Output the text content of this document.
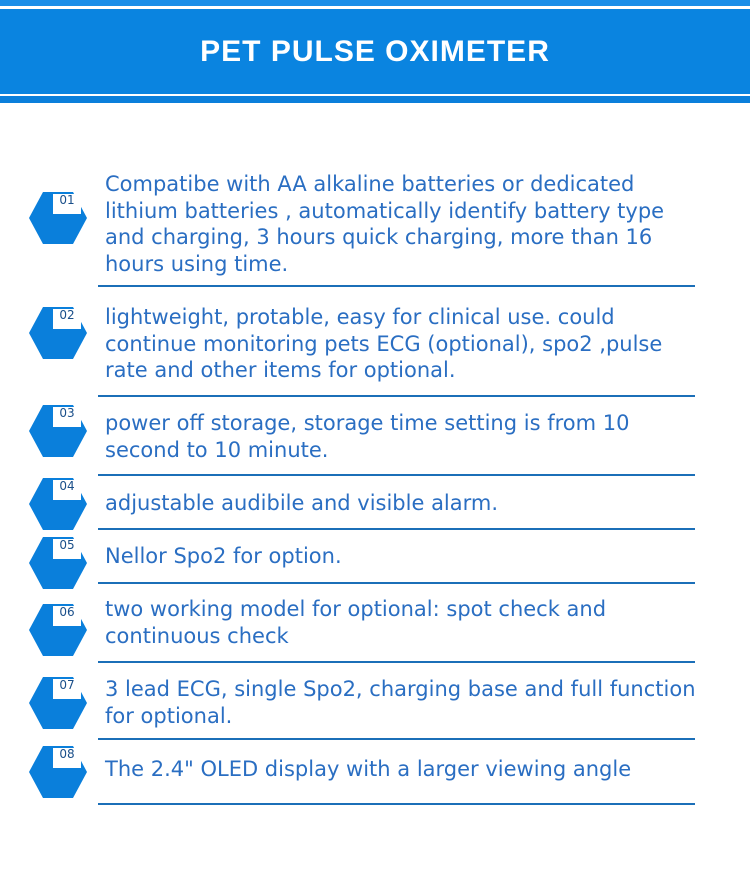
PET PULSE OXIMETER
01

Compatibe with AA alkaline batteries or dedicated lithium batteries , automatically identify battery type and charging, 3 hours quick charging, more than 16 hours using time.

02 lightweight, protable, easy for clinical use. could continue monitoring pets ECG (optional), spo2 ,pulse rate and other items for optional.

03 power off storage, storage time setting is from 10 second to 10 minute.

04

adjustable audibile and visible alarm.

05 Nellor Spo2 for option.

06 two working model for optional: spot check and continuous check

07 3 lead ECG, single Spo2, charging base and full function for optional.

08

The 2.4" OLED display with a larger viewing angle
